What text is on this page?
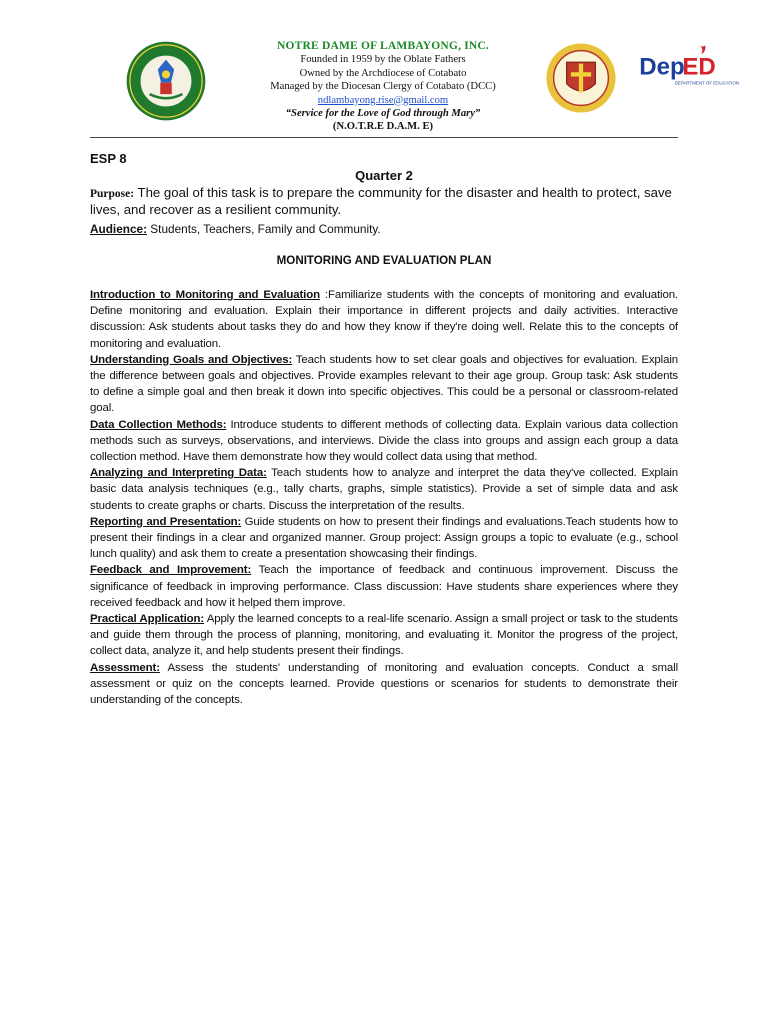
NOTRE DAME OF LAMBAYONG, INC.
Founded in 1959 by the Oblate Fathers
Owned by the Archdiocese of Cotabato
Managed by the Diocesan Clergy of Cotabato (DCC)
ndlambayong.rise@gmail.com
“Service for the Love of God through Mary”
(N.O.T.R.E D.A.M. E)
Dep
ED
DEPARTMENT OF EDUCATION
ESP 8
Quarter 2
Purpose: The goal of this task is to prepare the community for the disaster and health to protect, save lives, and recover as a resilient community.
Audience: Students, Teachers, Family and Community.
MONITORING AND EVALUATION PLAN

Introduction to Monitoring and Evaluation :Familiarize students with the concepts of monitoring and evaluation. Define monitoring and evaluation. Explain their importance in different projects and daily activities. Interactive discussion: Ask students about tasks they do and how they know if they're doing well. Relate this to the concepts of monitoring and evaluation.

Understanding Goals and Objectives: Teach students how to set clear goals and objectives for evaluation. Explain the difference between goals and objectives. Provide examples relevant to their age group. Group task: Ask students to define a simple goal and then break it down into specific objectives. This could be a personal or classroom-related goal.

Data Collection Methods: Introduce students to different methods of collecting data. Explain various data collection methods such as surveys, observations, and interviews. Divide the class into groups and assign each group a data collection method. Have them demonstrate how they would collect data using that method.

Analyzing and Interpreting Data: Teach students how to analyze and interpret the data they've collected. Explain basic data analysis techniques (e.g., tally charts, graphs, simple statistics). Provide a set of simple data and ask students to create graphs or charts. Discuss the interpretation of the results.

Reporting and Presentation: Guide students on how to present their findings and evaluations.Teach students how to present their findings in a clear and organized manner. Group project: Assign groups a topic to evaluate (e.g., school lunch quality) and ask them to create a presentation showcasing their findings.

Feedback and Improvement: Teach the importance of feedback and continuous improvement. Discuss the significance of feedback in improving performance. Class discussion: Have students share experiences where they received feedback and how it helped them improve.

Practical Application: Apply the learned concepts to a real-life scenario. Assign a small project or task to the students and guide them through the process of planning, monitoring, and evaluating it. Monitor the progress of the project, collect data, analyze it, and help students present their findings.

Assessment: Assess the students' understanding of monitoring and evaluation concepts. Conduct a small assessment or quiz on the concepts learned. Provide questions or scenarios for students to demonstrate their understanding of the concepts.
